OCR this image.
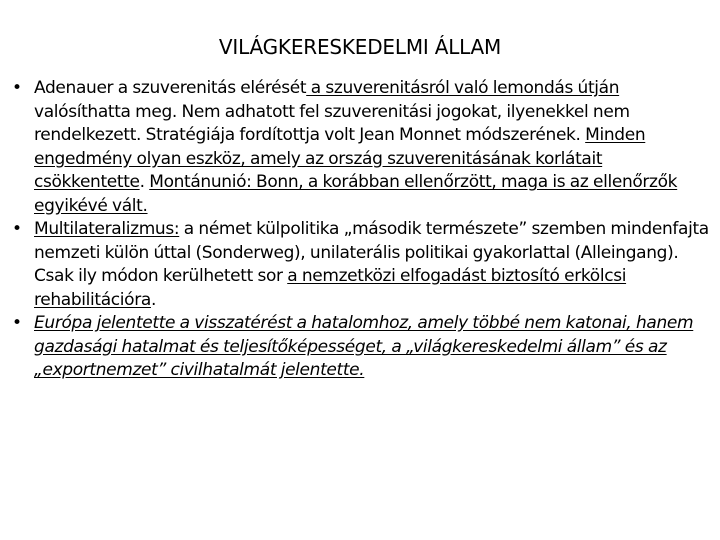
VILÁGKERESKEDELMI ÁLLAM
• Adenauer a szuverenitás elérését a szuverenitásról való lemondás útján valósíthatta meg. Nem adhatott fel szuverenitási jogokat, ilyenekkel nem rendelkezett. Stratégiája fordítottja volt Jean Monnet módszerének. Minden engedmény olyan eszköz, amely az ország szuverenitásának korlátait csökkentette. Montánunió: Bonn, a korábban ellenőrzött, maga is az ellenőrzők egyikévé vált.
• Multilateralizmus: a német külpolitika „második természete” szemben mindenfajta nemzeti külön úttal (Sonderweg), unilaterális politikai gyakorlattal (Alleingang). Csak ily módon kerülhetett sor a nemzetközi elfogadást biztosító erkölcsi rehabilitációra.
• Európa jelentette a visszatérést a hatalomhoz, amely többé nem katonai, hanem gazdasági hatalmat és teljesítőképességet, a „világkereskedelmi állam” és az „exportnemzet” civilhatalmát jelentette.
